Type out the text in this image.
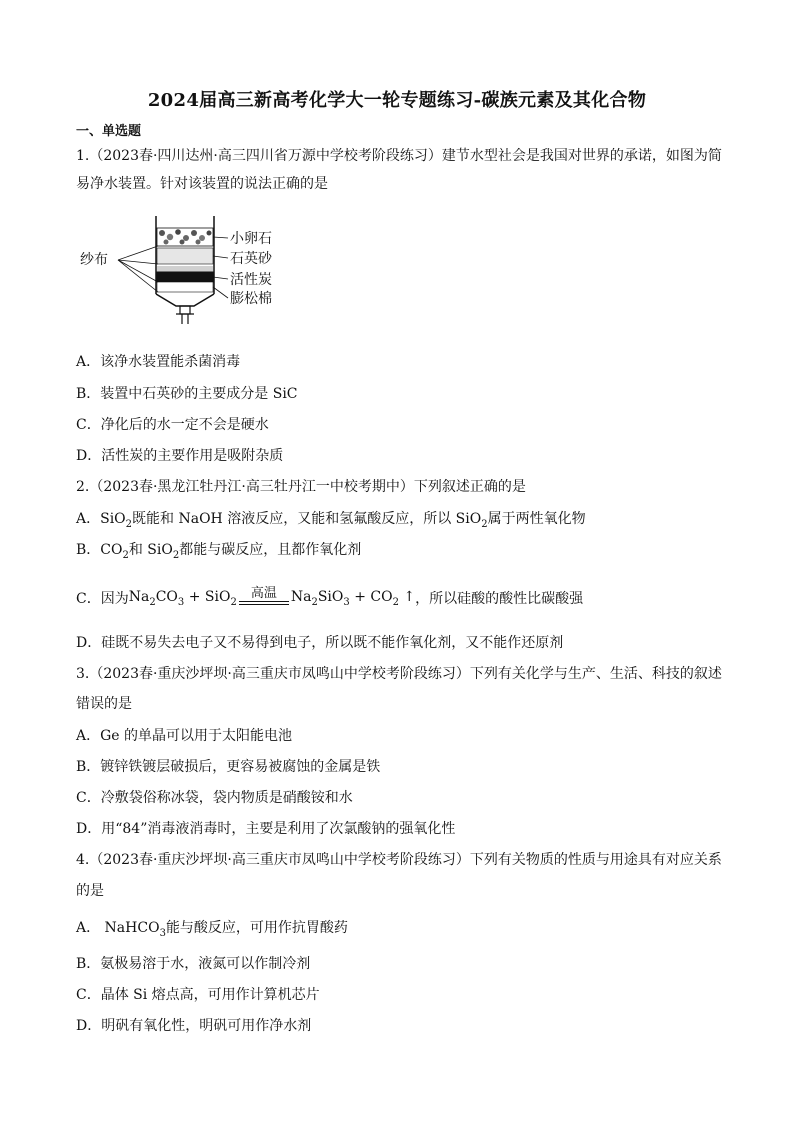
2024届高三新高考化学大一轮专题练习-碳族元素及其化合物
一、单选题
1.（2023春·四川达州·高三四川省万源中学校考阶段练习）建节水型社会是我国对世界的承诺，如图为简
易净水装置。针对该装置的说法正确的是
纱布
小卵石
石英砂
活性炭
膨松棉
A．该净水装置能杀菌消毒
B．装置中石英砂的主要成分是 SiC
C．净化后的水一定不会是硬水
D．活性炭的主要作用是吸附杂质
2.（2023春·黑龙江牡丹江·高三牡丹江一中校考期中）下列叙述正确的是
A．SiO$_2$既能和 NaOH 溶液反应，又能和氢氟酸反应，所以 SiO$_2$属于两性氧化物
B．$CO_2$和 SiO$_2$都能与碳反应，且都作氧化剂
C．因为$Na_2CO_3 + SiO_2$
高温	$Na_2SiO_3 + CO_2$ ↑，所以硅酸的酸性比碳酸强
D．硅既不易失去电子又不易得到电子，所以既不能作氧化剂，又不能作还原剂
3.（2023春·重庆沙坪坝·高三重庆市凤鸣山中学校考阶段练习）下列有关化学与生产、生活、科技的叙述
错误的是
A．Ge 的单晶可以用于太阳能电池
B．镀锌铁镀层破损后，更容易被腐蚀的金属是铁
C．冷敷袋俗称冰袋，袋内物质是硝酸铵和水
D．用“84”消毒液消毒时，主要是利用了次氯酸钠的强氧化性
4.（2023春·重庆沙坪坝·高三重庆市凤鸣山中学校考阶段练习）下列有关物质的性质与用途具有对应关系
的是
A． NaHCO$_3$能与酸反应，可用作抗胃酸药
B．氨极易溶于水，液氮可以作制冷剂
C．晶体 Si 熔点高，可用作计算机芯片
D．明矾有氧化性，明矾可用作净水剂
